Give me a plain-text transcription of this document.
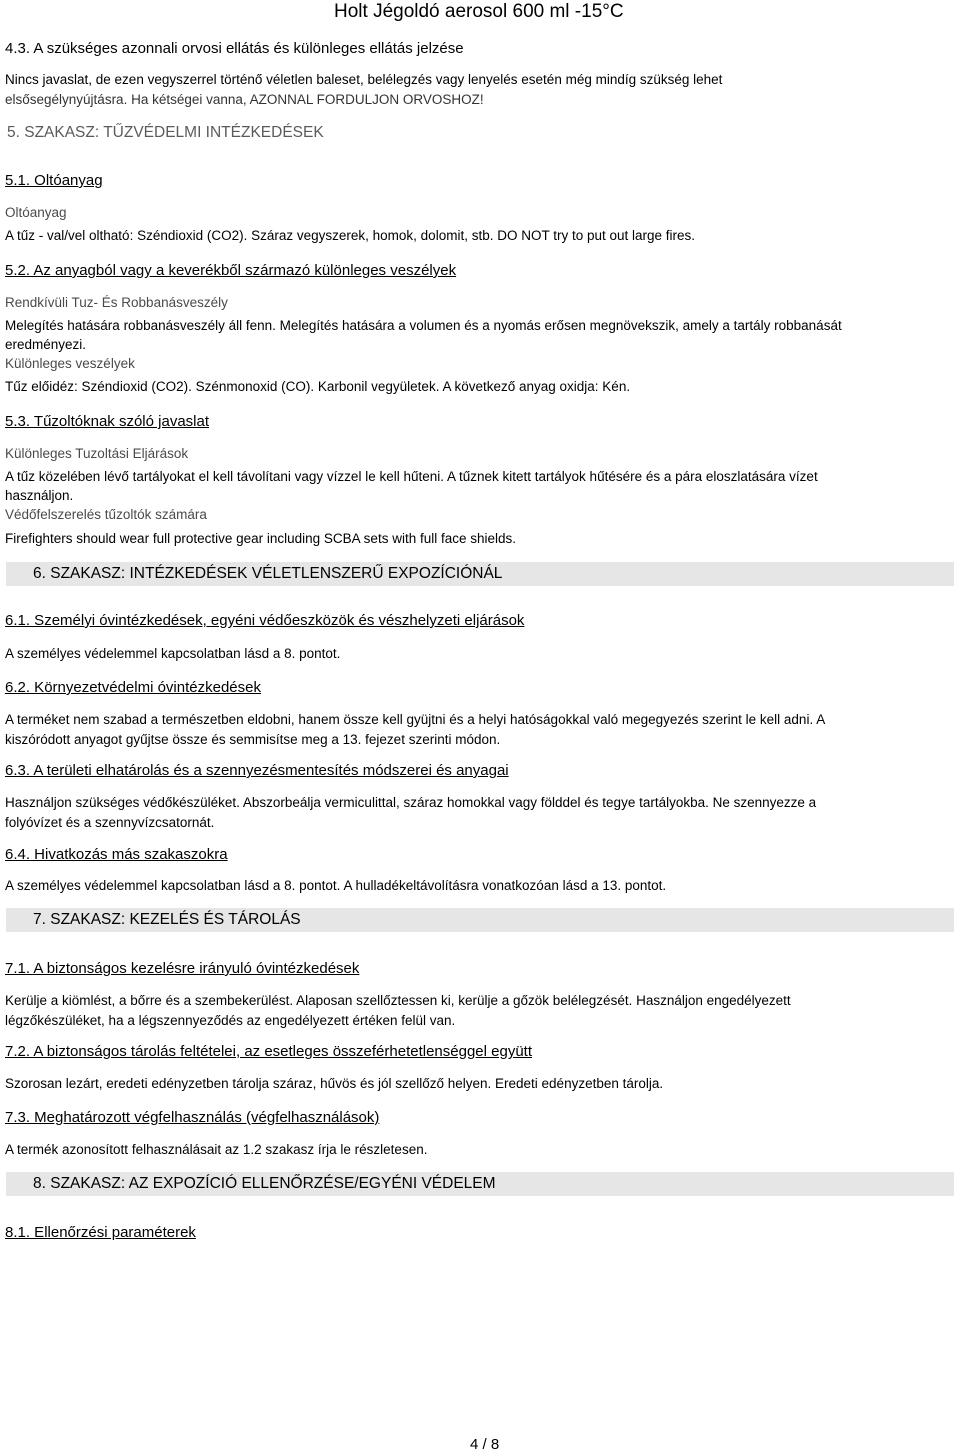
Holt Jégoldó aerosol 600 ml -15°C
4.3. A szükséges azonnali orvosi ellátás és különleges ellátás jelzése
Nincs javaslat, de ezen vegyszerrel történő véletlen baleset, belélegzés vagy lenyelés esetén még mindíg szükség lehet
elsősegélynyújtásra. Ha kétségei vanna, AZONNAL FORDULJON ORVOSHOZ!
5. SZAKASZ: TŰZVÉDELMI INTÉZKEDÉSEK
5.1. Oltóanyag
Oltóanyag
A tűz - val/vel oltható: Széndioxid (CO2). Száraz vegyszerek, homok, dolomit, stb. DO NOT try to put out large fires.
5.2. Az anyagból vagy a keverékből származó különleges veszélyek
Rendkívüli Tuz- És Robbanásveszély
Melegítés hatására robbanásveszély áll fenn. Melegítés hatására a volumen és a nyomás erősen megnövekszik, amely a tartály robbanását
eredményezi.
Különleges veszélyek
Tűz előidéz: Széndioxid (CO2). Szénmonoxid (CO). Karbonil vegyületek. A következő anyag oxidja: Kén.
5.3. Tűzoltóknak szóló javaslat
Különleges Tuzoltási Eljárások
A tűz közelében lévő tartályokat el kell távolítani vagy vízzel le kell hűteni. A tűznek kitett tartályok hűtésére és a pára eloszlatására vízet
használjon.
Védőfelszerelés tűzoltók számára
Firefighters should wear full protective gear including SCBA sets with full face shields.
6. SZAKASZ: INTÉZKEDÉSEK VÉLETLENSZERŰ EXPOZÍCIÓNÁL
6.1. Személyi óvintézkedések, egyéni védőeszközök és vészhelyzeti eljárások
A személyes védelemmel kapcsolatban lásd a 8. pontot.
6.2. Környezetvédelmi óvintézkedések
A terméket nem szabad a természetben eldobni, hanem össze kell gyüjtni és a helyi hatóságokkal való megegyezés szerint le kell adni. A
kiszóródott anyagot gyűjtse össze és semmisítse meg a 13. fejezet szerinti módon.
6.3. A területi elhatárolás és a szennyezésmentesítés módszerei és anyagai
Használjon szükséges védőkészüléket. Abszorbeálja vermiculittal, száraz homokkal vagy földdel és tegye tartályokba. Ne szennyezze a
folyóvízet és a szennyvízcsatornát.
6.4. Hivatkozás más szakaszokra
A személyes védelemmel kapcsolatban lásd a 8. pontot. A hulladékeltávolításra vonatkozóan lásd a 13. pontot.
7. SZAKASZ: KEZELÉS ÉS TÁROLÁS
7.1. A biztonságos kezelésre irányuló óvintézkedések
Kerülje a kiömlést, a bőrre és a szembekerülést. Alaposan szellőztessen ki, kerülje a gőzök belélegzését. Használjon engedélyezett
légzőkészüléket, ha a légszennyeződés az engedélyezett értéken felül van.
7.2. A biztonságos tárolás feltételei, az esetleges összeférhetetlenséggel együtt
Szorosan lezárt, eredeti edényzetben tárolja száraz, hűvös és jól szellőző helyen. Eredeti edényzetben tárolja.
7.3. Meghatározott végfelhasználás (végfelhasználások)
A termék azonosított felhasználásait az 1.2 szakasz írja le részletesen.
8. SZAKASZ: AZ EXPOZÍCIÓ ELLENŐRZÉSE/EGYÉNI VÉDELEM
8.1. Ellenőrzési paraméterek
4 / 8
